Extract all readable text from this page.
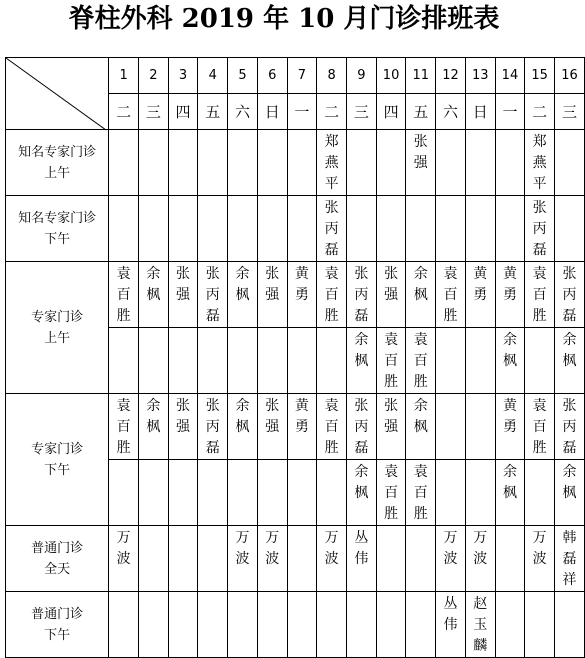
脊柱外科 2019 年 10 月门诊排班表
	1	2	3	4	5	6	7	8	9	10	11	12	13	14	15	16
	二	三	四	五	六	日	一	二	三	四	五	六	日	一	二	三

知名专家门诊
上午								郑燕平			张强				郑燕平	

知名专家门诊
下午								张丙磊							张丙磊	

专家门诊
上午	袁百胜	余枫	张强	张丙磊	余枫	张强	黄勇	袁百胜	张丙磊	张强	余枫	袁百胜	黄勇	黄勇	袁百胜	张丙磊
									余枫	袁百胜	袁百胜			余枫		余枫

专家门诊
下午	袁百胜	余枫	张强	张丙磊	余枫	张强	黄勇	袁百胜	张丙磊	张强	余枫			黄勇	袁百胜	张丙磊
									余枫	袁百胜	袁百胜			余枫		余枫

普通门诊
全天	万波				万波	万波		万波	丛伟			万波	万波		万波	韩磊祥

普通门诊
下午												丛伟	赵玉麟			
